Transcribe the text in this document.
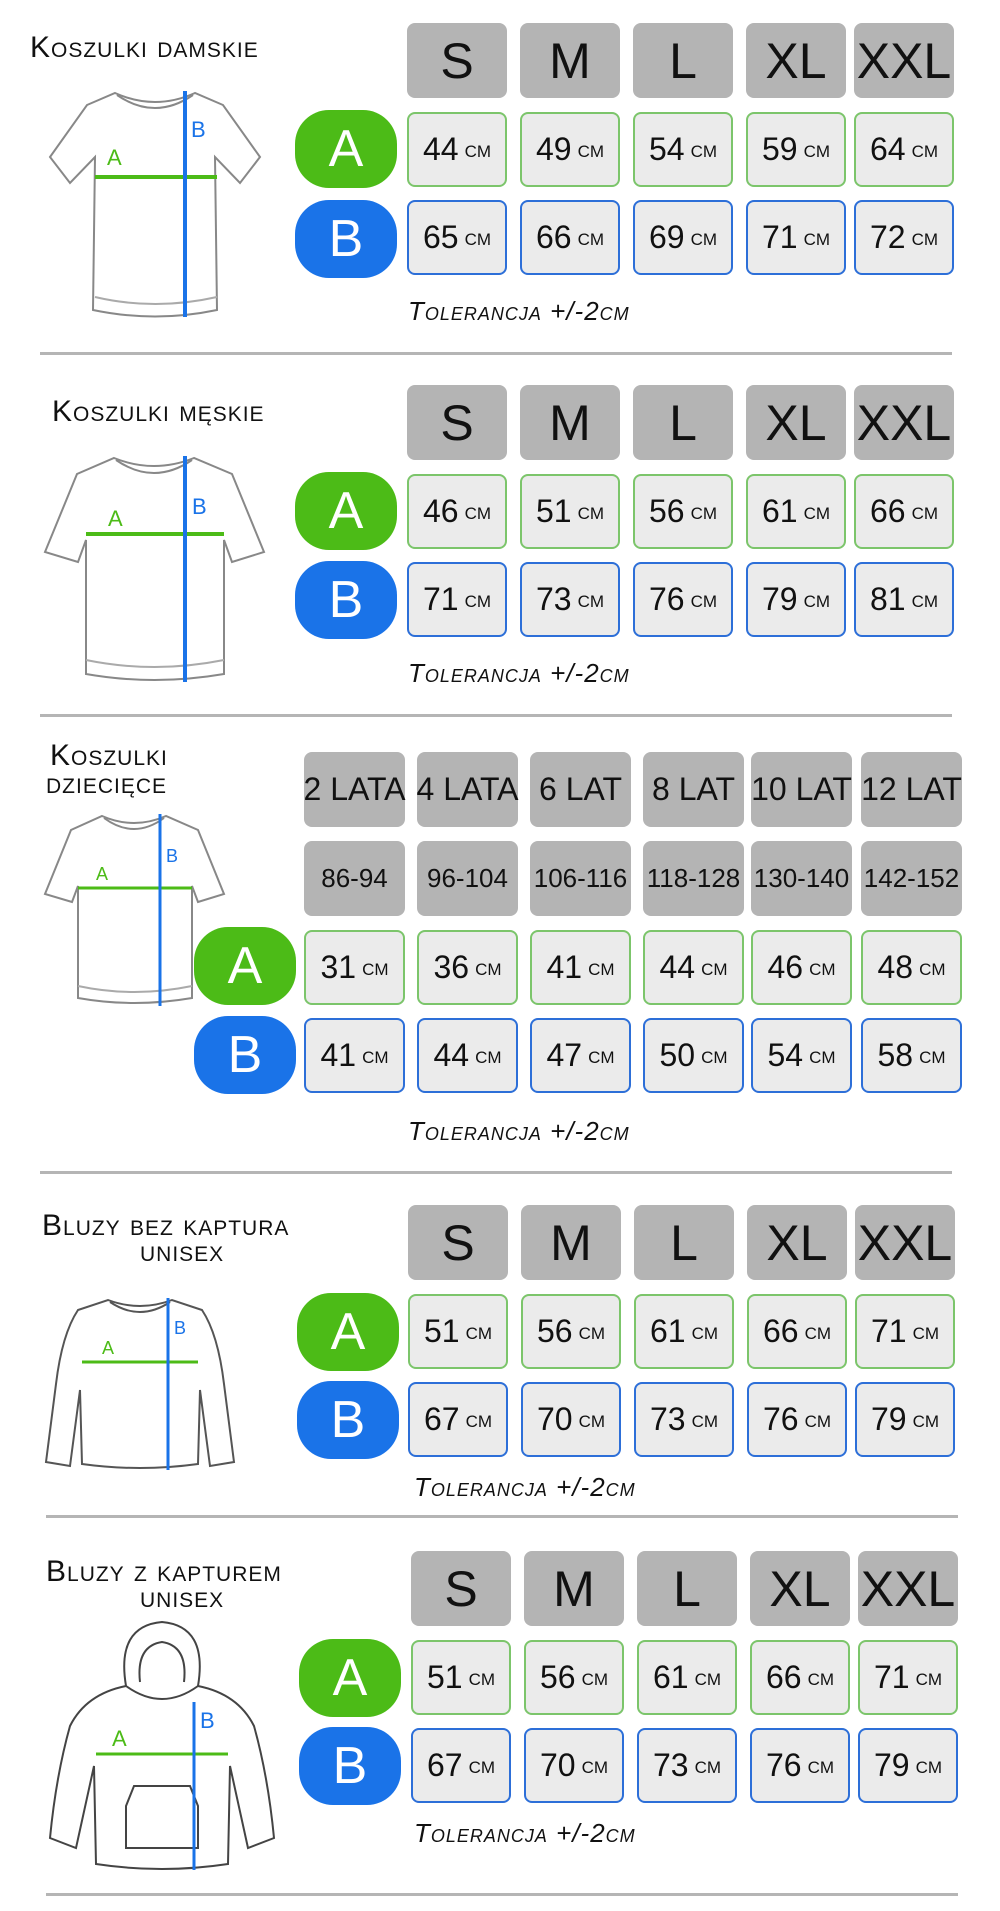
Koszulki damskie
A
B	A
B
S	M	L	XL XXL
44 cm 49 cm 54 cm 59 cm 64 cm
65 cm 66 cm 69 cm 71 cm 72 cm
Tolerancja +/-2cm
Koszulki męskie
A	B	A
B
S	M	L	XL XXL
46 cm 51 cm 56 cm 61 cm 66 cm
71 cm 73 cm 76 cm 79 cm 81 cm
Tolerancja +/-2cm
Koszulki
dziecięce
A
B
A
B
2 LATA 4 LATA 6 LAT 8 LAT 10 LAT 12 LAT
86-94	96-104 106-116 118-128 130-140 142-152
31 cm 36 cm 41 cm 44 cm 46 cm 48 cm
41 cm 44 cm 47 cm 50 cm 54 cm 58 cm
Tolerancja +/-2cm
Bluzy bez kaptura
unisex
A
B	A
B
S	M	L	XL XXL
51 cm 56 cm 61 cm 66 cm 71 cm
67 cm 70 cm 73 cm 76 cm 79 cm
Tolerancja +/-2cm
Bluzy z kapturem
unisex
A
B
A
B
S	M	L	XL XXL
51 cm 56 cm 61 cm 66 cm 71 cm
67 cm 70 cm 73 cm 76 cm 79 cm
Tolerancja +/-2cm
